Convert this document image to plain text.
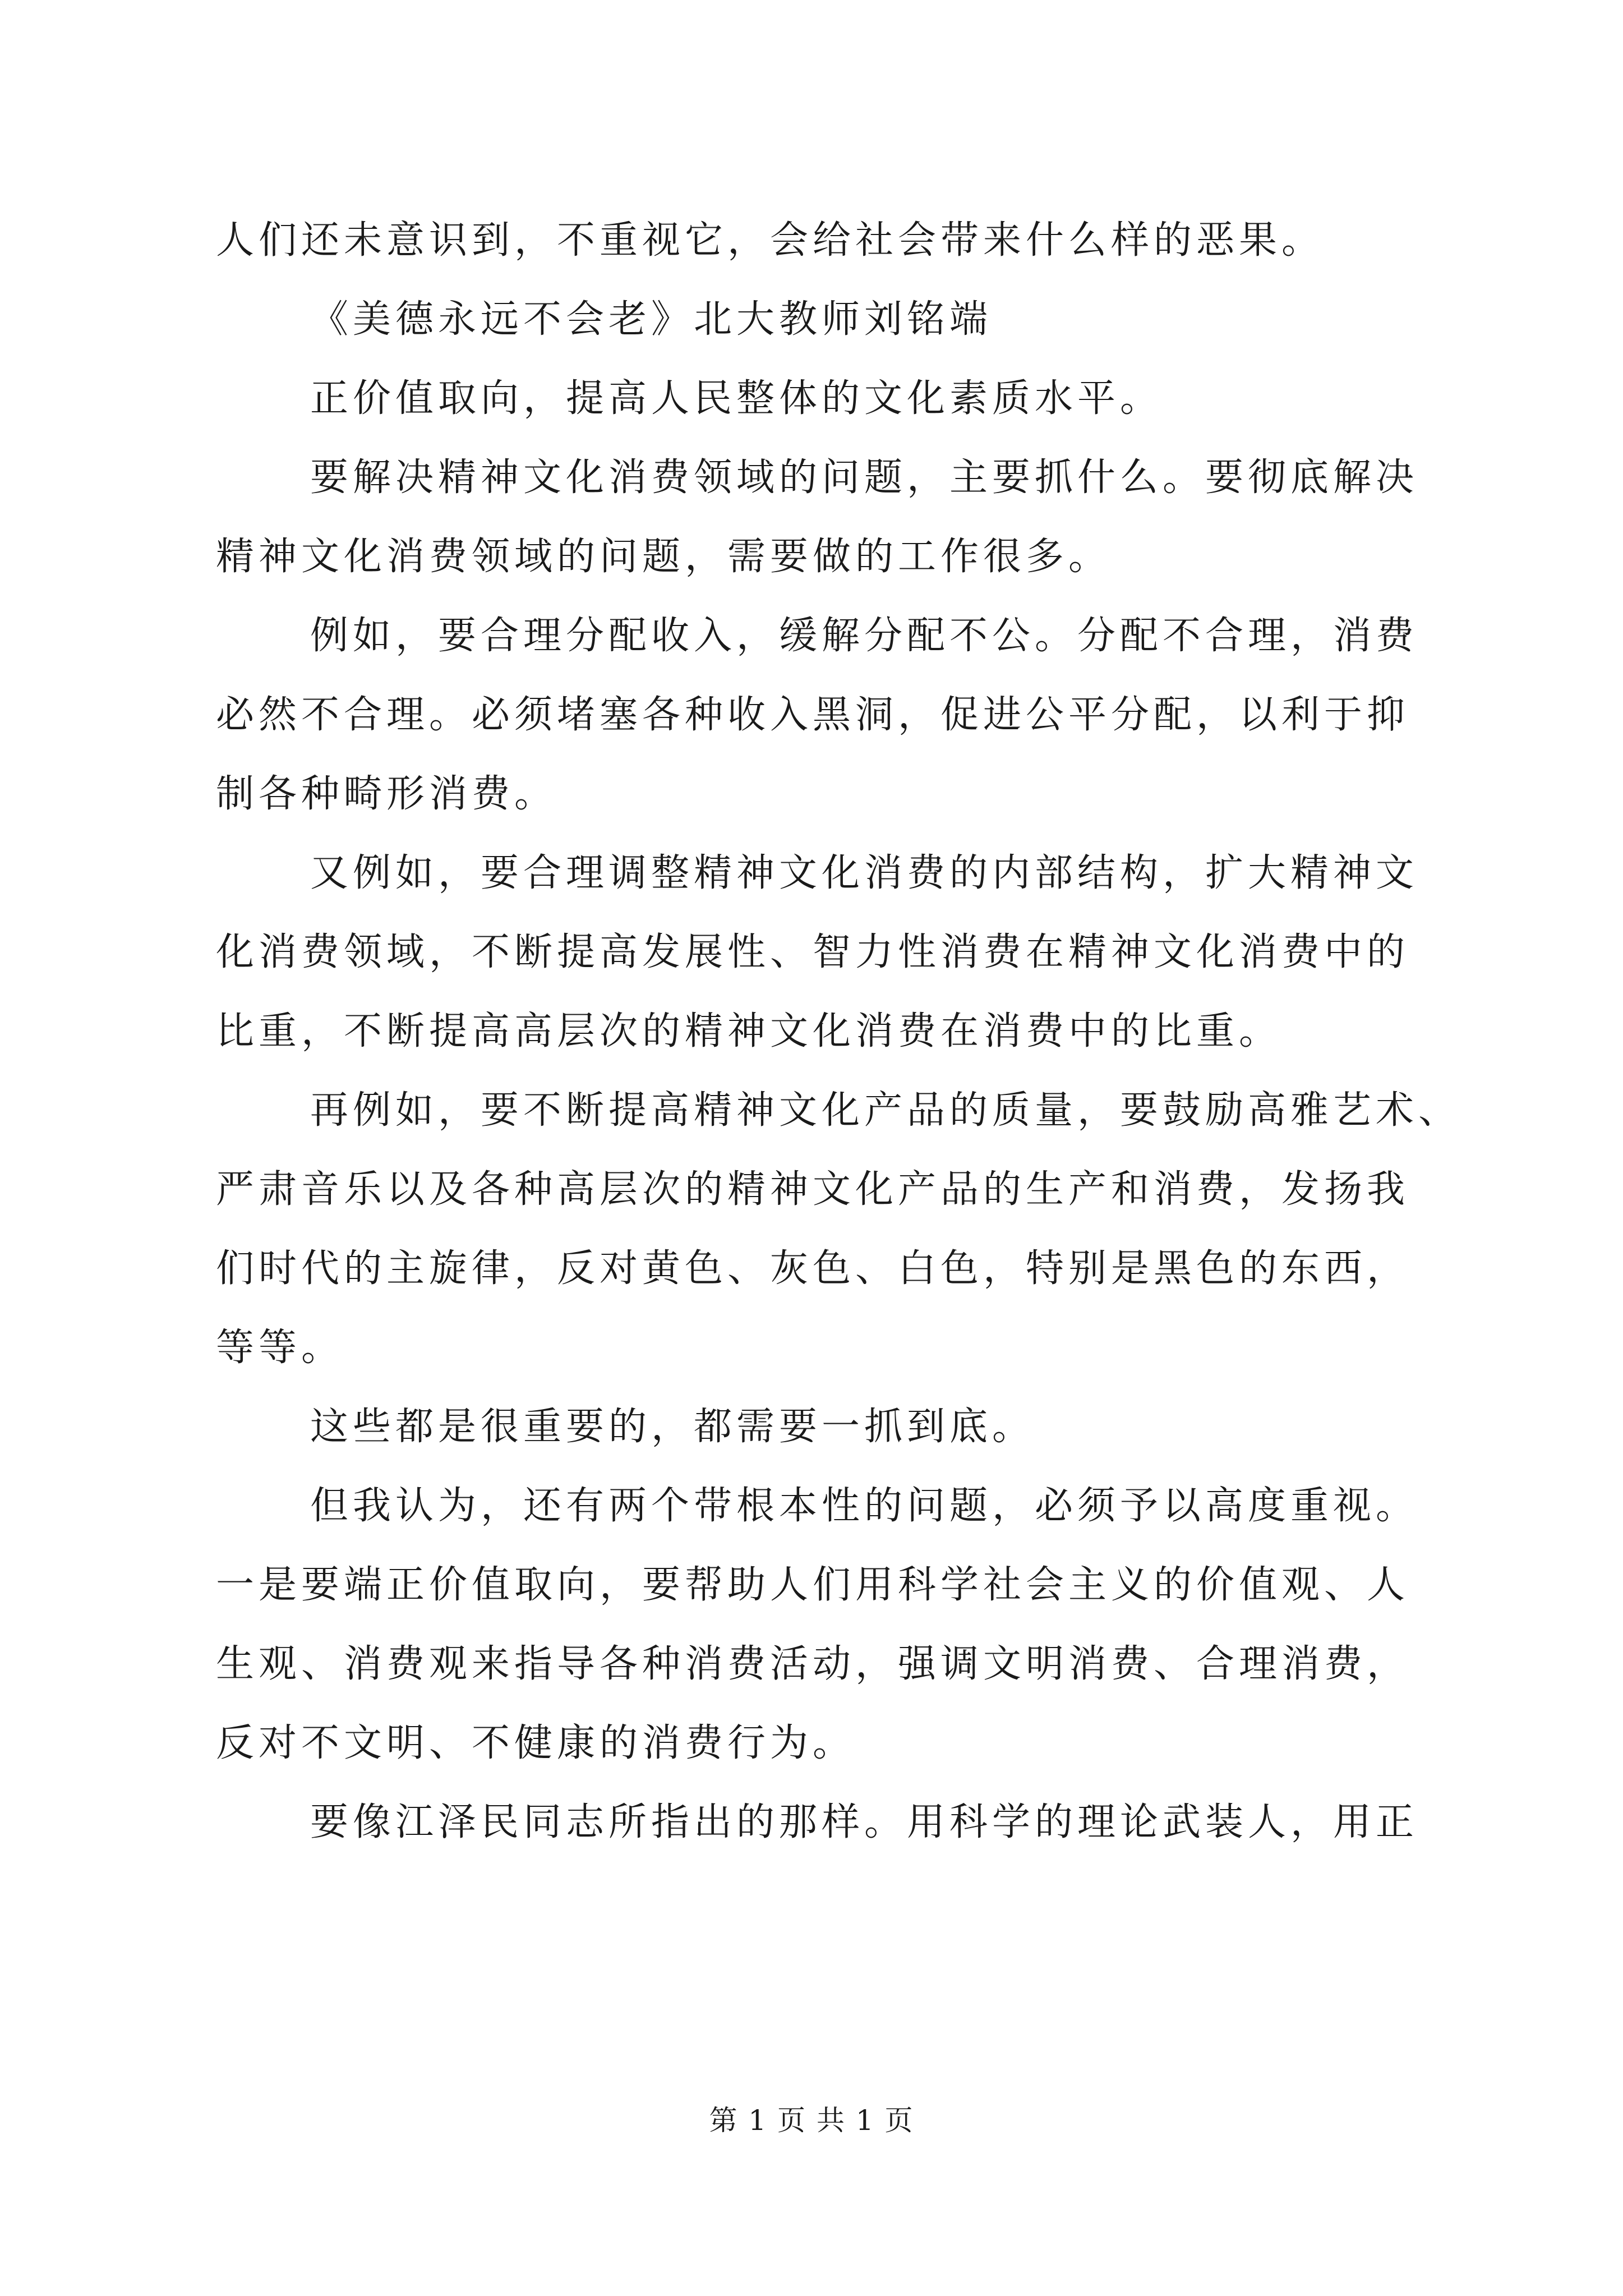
人们还未意识到，不重视它，会给社会带来什么样的恶果。
《美德永远不会老》北大教师刘铭端
正价值取向，提高人民整体的文化素质水平。
要解决精神文化消费领域的问题，主要抓什么。要彻底解决
精神文化消费领域的问题，需要做的工作很多。
例如，要合理分配收入，缓解分配不公。分配不合理，消费
必然不合理。必须堵塞各种收入黑洞，促进公平分配，以利于抑
制各种畸形消费。
又例如，要合理调整精神文化消费的内部结构，扩大精神文
化消费领域，不断提高发展性、智力性消费在精神文化消费中的
比重，不断提高高层次的精神文化消费在消费中的比重。
再例如，要不断提高精神文化产品的质量，要鼓励高雅艺术、
严肃音乐以及各种高层次的精神文化产品的生产和消费，发扬我
们时代的主旋律，反对黄色、灰色、白色，特别是黑色的东西，
等等。
这些都是很重要的，都需要一抓到底。
但我认为，还有两个带根本性的问题，必须予以高度重视。
一是要端正价值取向，要帮助人们用科学社会主义的价值观、人
生观、消费观来指导各种消费活动，强调文明消费、合理消费，
反对不文明、不健康的消费行为。
要像江泽民同志所指出的那样。用科学的理论武装人，用正
第 1 页 共 1 页
